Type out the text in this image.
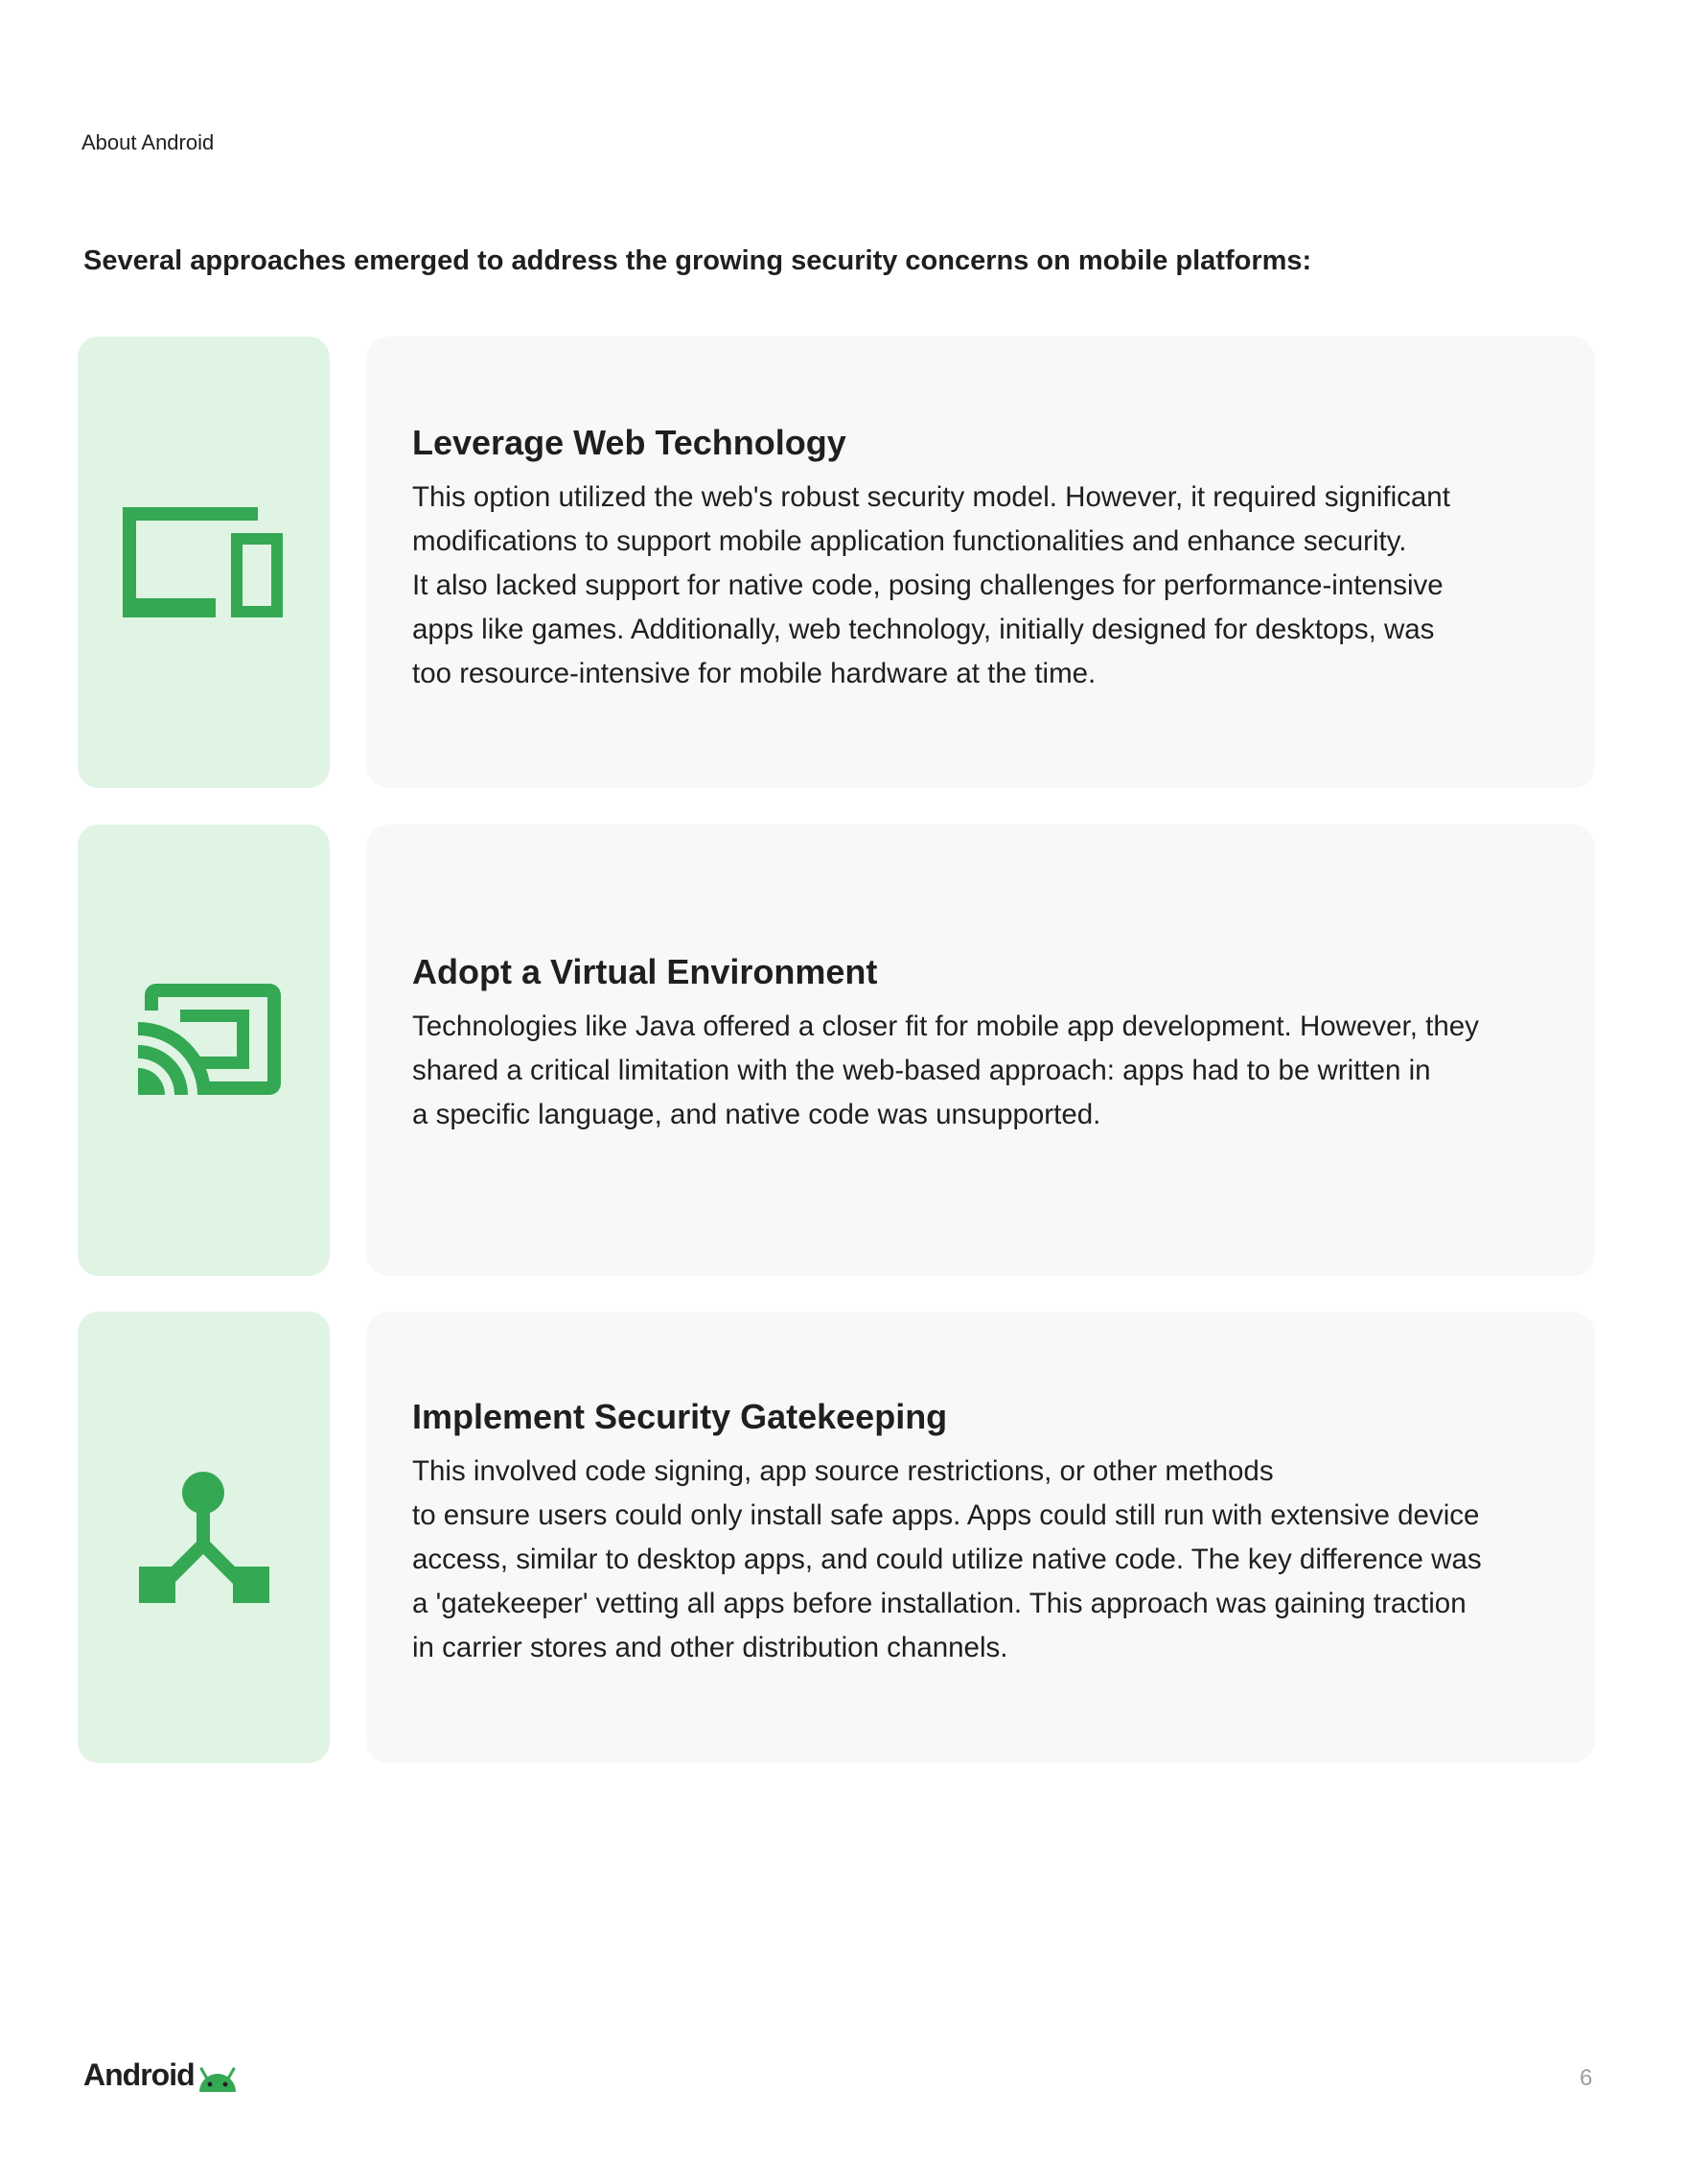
About Android
Several approaches emerged to address the growing security concerns on mobile platforms:
Leverage Web Technology
This option utilized the web's robust security model. However, it required significant
modifications to support mobile application functionalities and enhance security.
It also lacked support for native code, posing challenges for performance-intensive
apps like games. Additionally, web technology, initially designed for desktops, was
too resource-intensive for mobile hardware at the time.
Adopt a Virtual Environment
Technologies like Java offered a closer fit for mobile app development. However, they
shared a critical limitation with the web-based approach: apps had to be written in
a specific language, and native code was unsupported.
Implement Security Gatekeeping
This involved code signing, app source restrictions, or other methods
to ensure users could only install safe apps. Apps could still run with extensive device
access, similar to desktop apps, and could utilize native code. The key difference was
a 'gatekeeper' vetting all apps before installation. This approach was gaining traction
in carrier stores and other distribution channels.
Android	6
